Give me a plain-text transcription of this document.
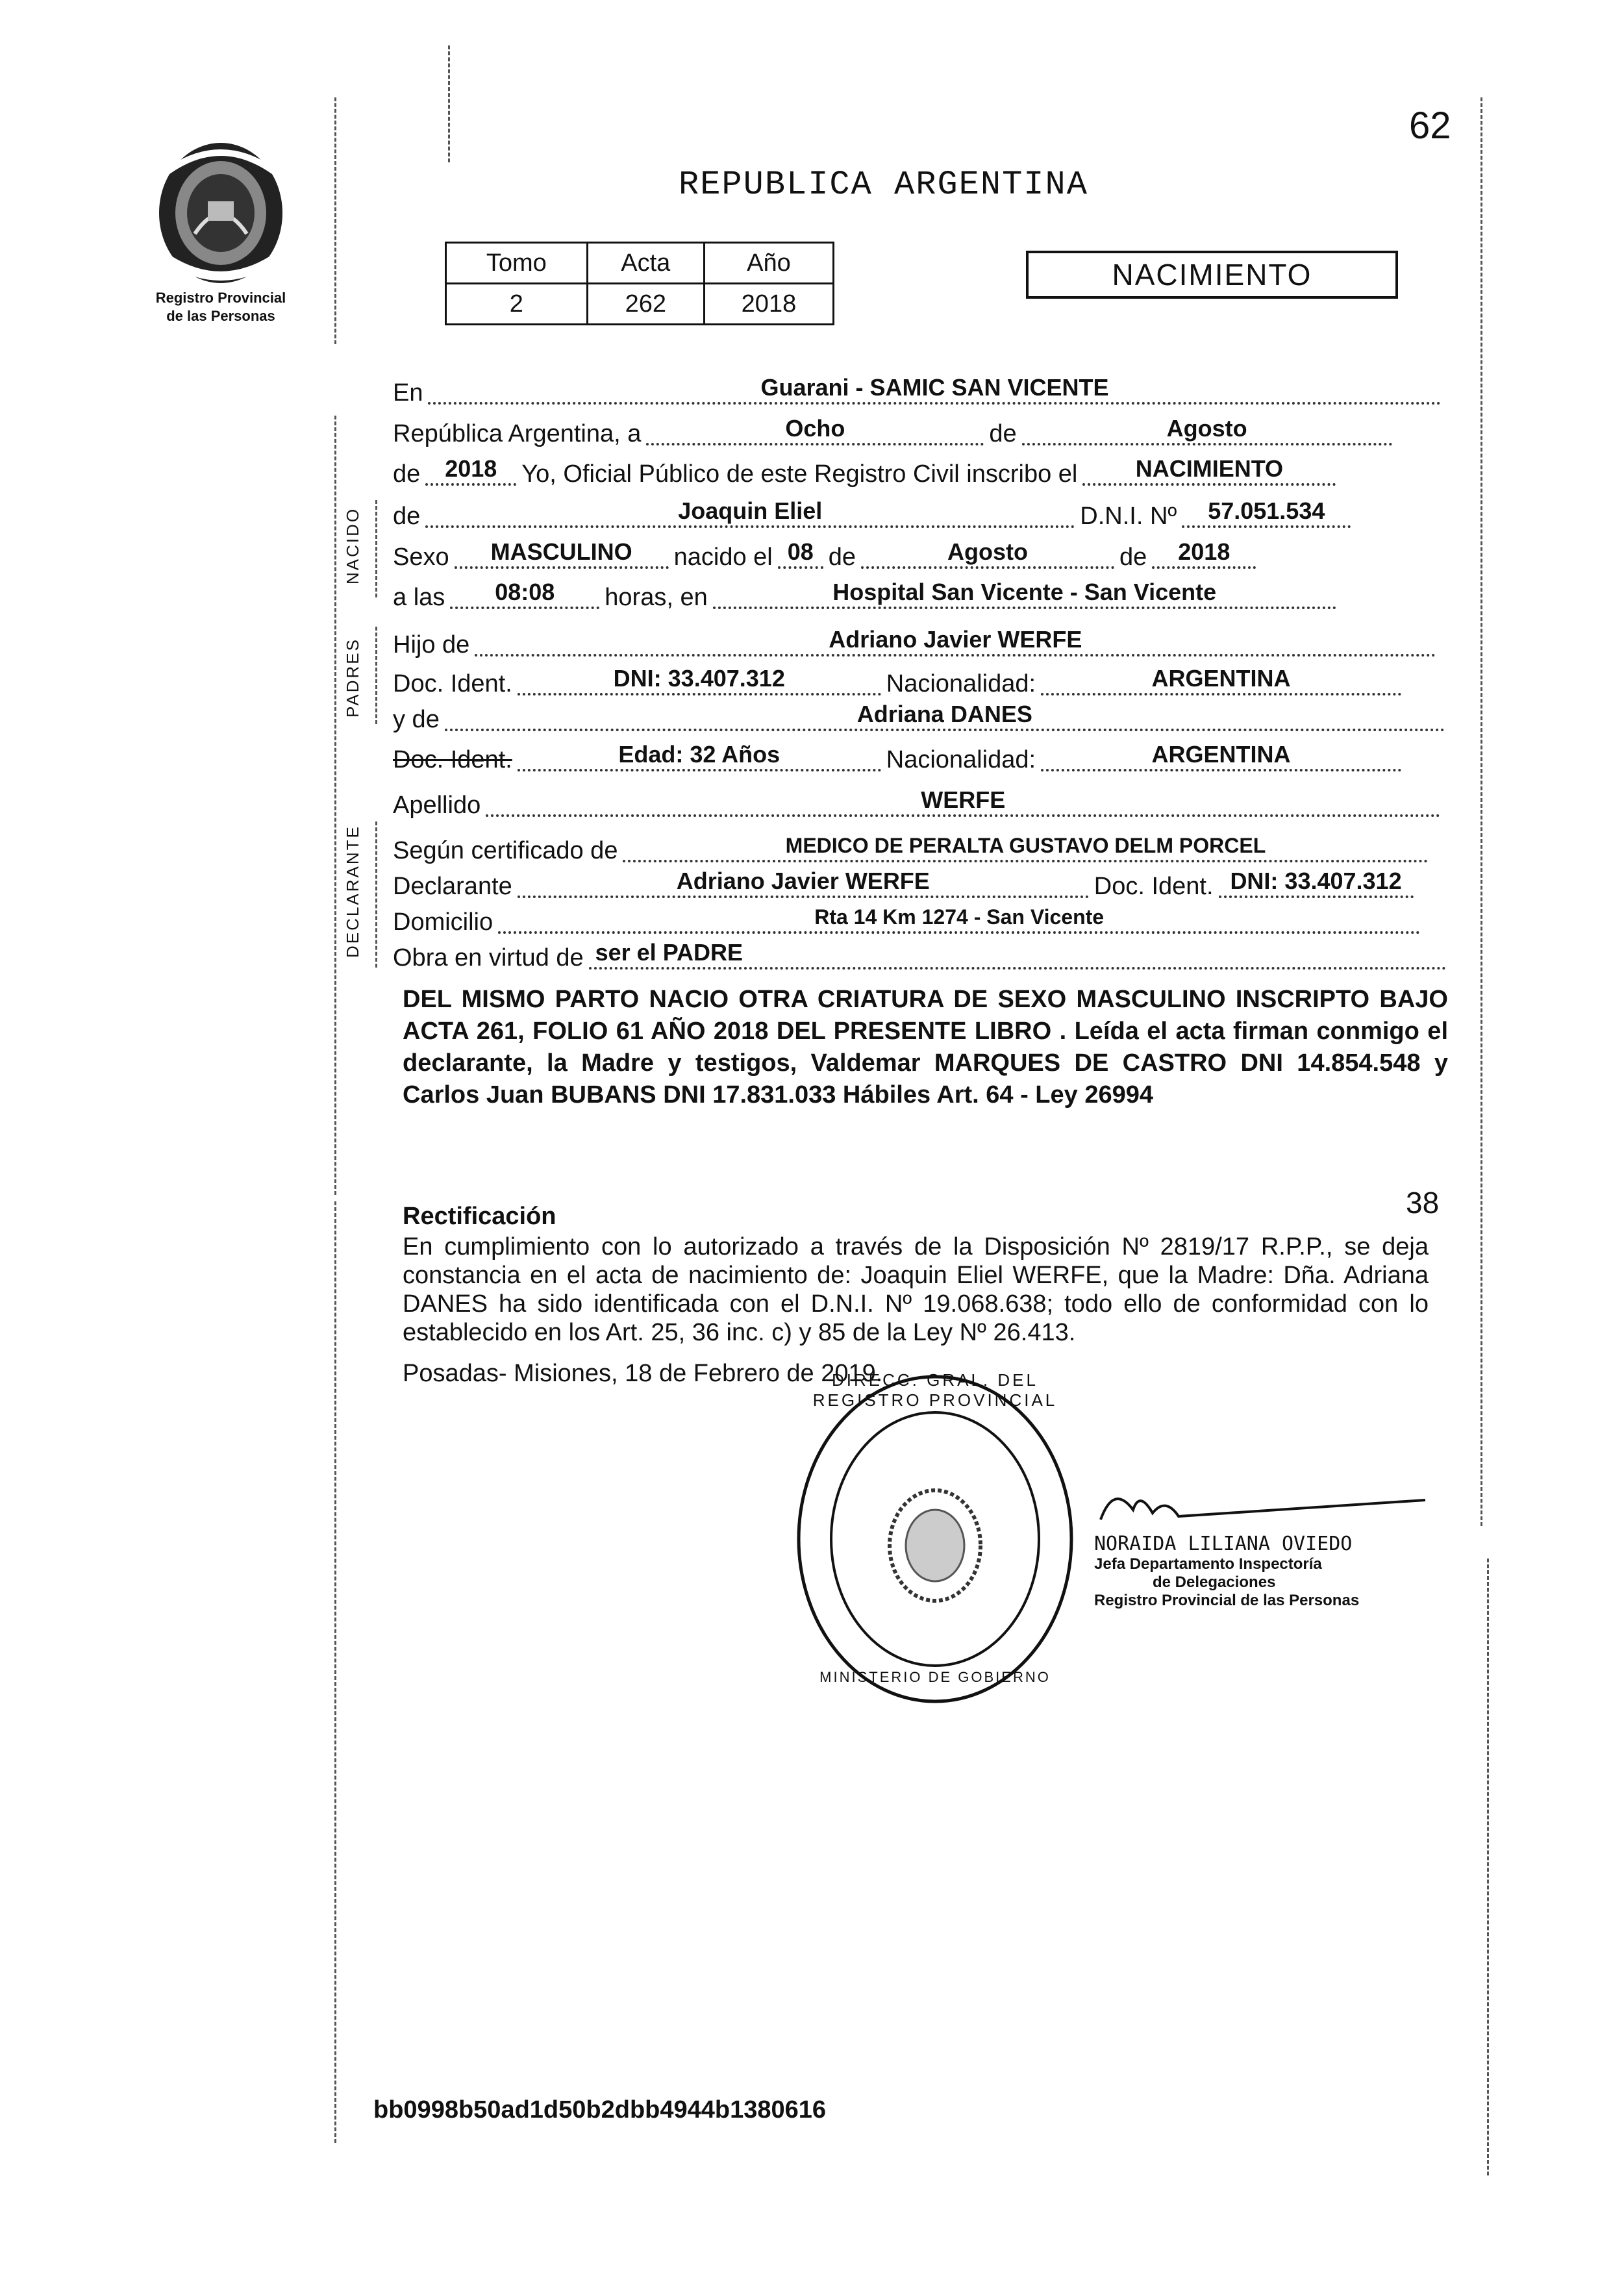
62
Registro Provincial
de las Personas
REPUBLICA ARGENTINA
Tomo	Acta	Año
2	262	2018
NACIMIENTO
NACIDO
PADRES
DECLARANTE
En	Guarani - SAMIC SAN VICENTE
República Argentina, a	Ocho	de	Agosto
de	2018 Yo, Oficial Público de este Registro Civil inscribo el	NACIMIENTO
de	Joaquin Eliel	D.N.I. Nº	57.051.534
Sexo	MASCULINO	nacido el 08 de	Agosto	de	2018
a las	08:08	horas, en	Hospital San Vicente - San Vicente
Hijo de	Adriano Javier WERFE
Doc. Ident.	DNI: 33.407.312	Nacionalidad:	ARGENTINA
y de	Adriana DANES
Doc. Ident.	Edad: 32 Años	Nacionalidad:	ARGENTINA
Apellido	WERFE
Según certificado de	MEDICO DE PERALTA GUSTAVO DELM PORCEL
Declarante	Adriano Javier WERFE	Doc. Ident. DNI: 33.407.312
Domicilio	Rta 14 Km 1274 - San Vicente
Obra en virtud de ser el PADRE
DEL MISMO PARTO NACIO OTRA CRIATURA DE SEXO MASCULINO INSCRIPTO BAJO ACTA 261, FOLIO 61 AÑO 2018 DEL PRESENTE LIBRO . Leída el acta firman conmigo el declarante, la Madre y testigos, Valdemar MARQUES DE CASTRO DNI 14.854.548 y Carlos Juan BUBANS DNI 17.831.033 Hábiles Art. 64 - Ley 26994
38
Rectificación
En cumplimiento con lo autorizado a través de la Disposición Nº 2819/17 R.P.P., se deja constancia en el acta de nacimiento de: Joaquin Eliel WERFE, que la Madre: Dña. Adriana DANES ha sido identificada con el D.N.I. Nº 19.068.638; todo ello de conformidad con lo establecido en los Art. 25, 36 inc. c) y 85 de la Ley Nº 26.413.
Posadas- Misiones, 18 de Febrero de 2019.
DIRECC. GRAL. DEL REGISTRO PROVINCIAL
MINISTERIO DE GOBIERNO
NORAIDA LILIANA OVIEDO
Jefa Departamento Inspectoría
de Delegaciones
Registro Provincial de las Personas
bb0998b50ad1d50b2dbb4944b1380616
